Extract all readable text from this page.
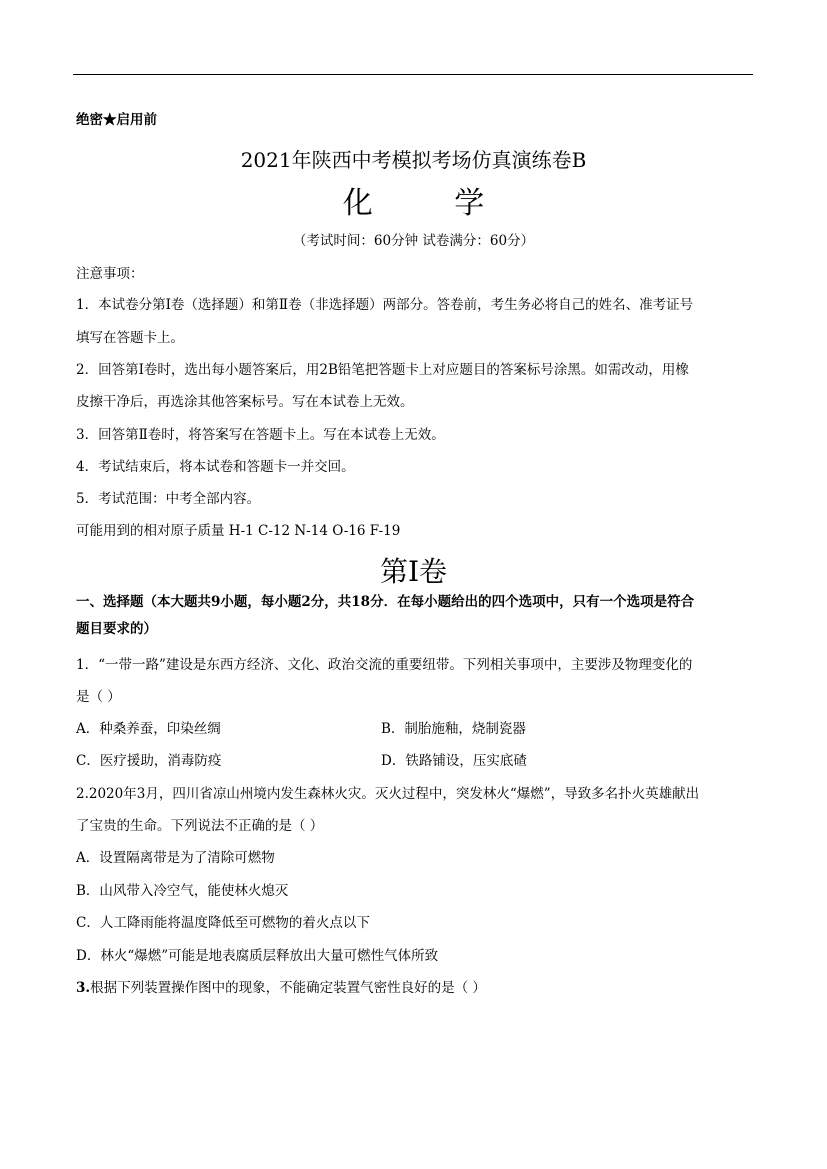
绝密★启用前
2021年陕西中考模拟考场仿真演练卷B
化 学
（考试时间：60分钟 试卷满分：60分）
注意事项：
1．本试卷分第Ⅰ卷（选择题）和第Ⅱ卷（非选择题）两部分。答卷前，考生务必将自己的姓名、准考证号
填写在答题卡上。
2．回答第Ⅰ卷时，选出每小题答案后，用2B铅笔把答题卡上对应题目的答案标号涂黑。如需改动，用橡
皮擦干净后，再选涂其他答案标号。写在本试卷上无效。
3．回答第Ⅱ卷时，将答案写在答题卡上。写在本试卷上无效。
4．考试结束后，将本试卷和答题卡一并交回。
5．考试范围：中考全部内容。
可能用到的相对原子质量 H-1 C-12 N-14 O-16 F-19
第Ⅰ卷
一、选择题（本大题共9小题，每小题2分，共18分．在每小题给出的四个选项中，只有一个选项是符合
题目要求的）
1．“一带一路”建设是东西方经济、文化、政治交流的重要纽带。下列相关事项中，主要涉及物理变化的
是（ ）
A．种桑养蚕，印染丝绸	B．制胎施釉，烧制瓷器
C．医疗援助，消毒防疫	D．铁路铺设，压实底碴
2.2020年3月，四川省凉山州境内发生森林火灾。灭火过程中，突发林火“爆燃”，导致多名扑火英雄献出
了宝贵的生命。下列说法不正确的是（ ）
A．设置隔离带是为了清除可燃物
B．山风带入冷空气，能使林火熄灭
C．人工降雨能将温度降低至可燃物的着火点以下
D．林火“爆燃”可能是地表腐质层释放出大量可燃性气体所致
3.根据下列装置操作图中的现象，不能确定装置气密性良好的是（ ）
